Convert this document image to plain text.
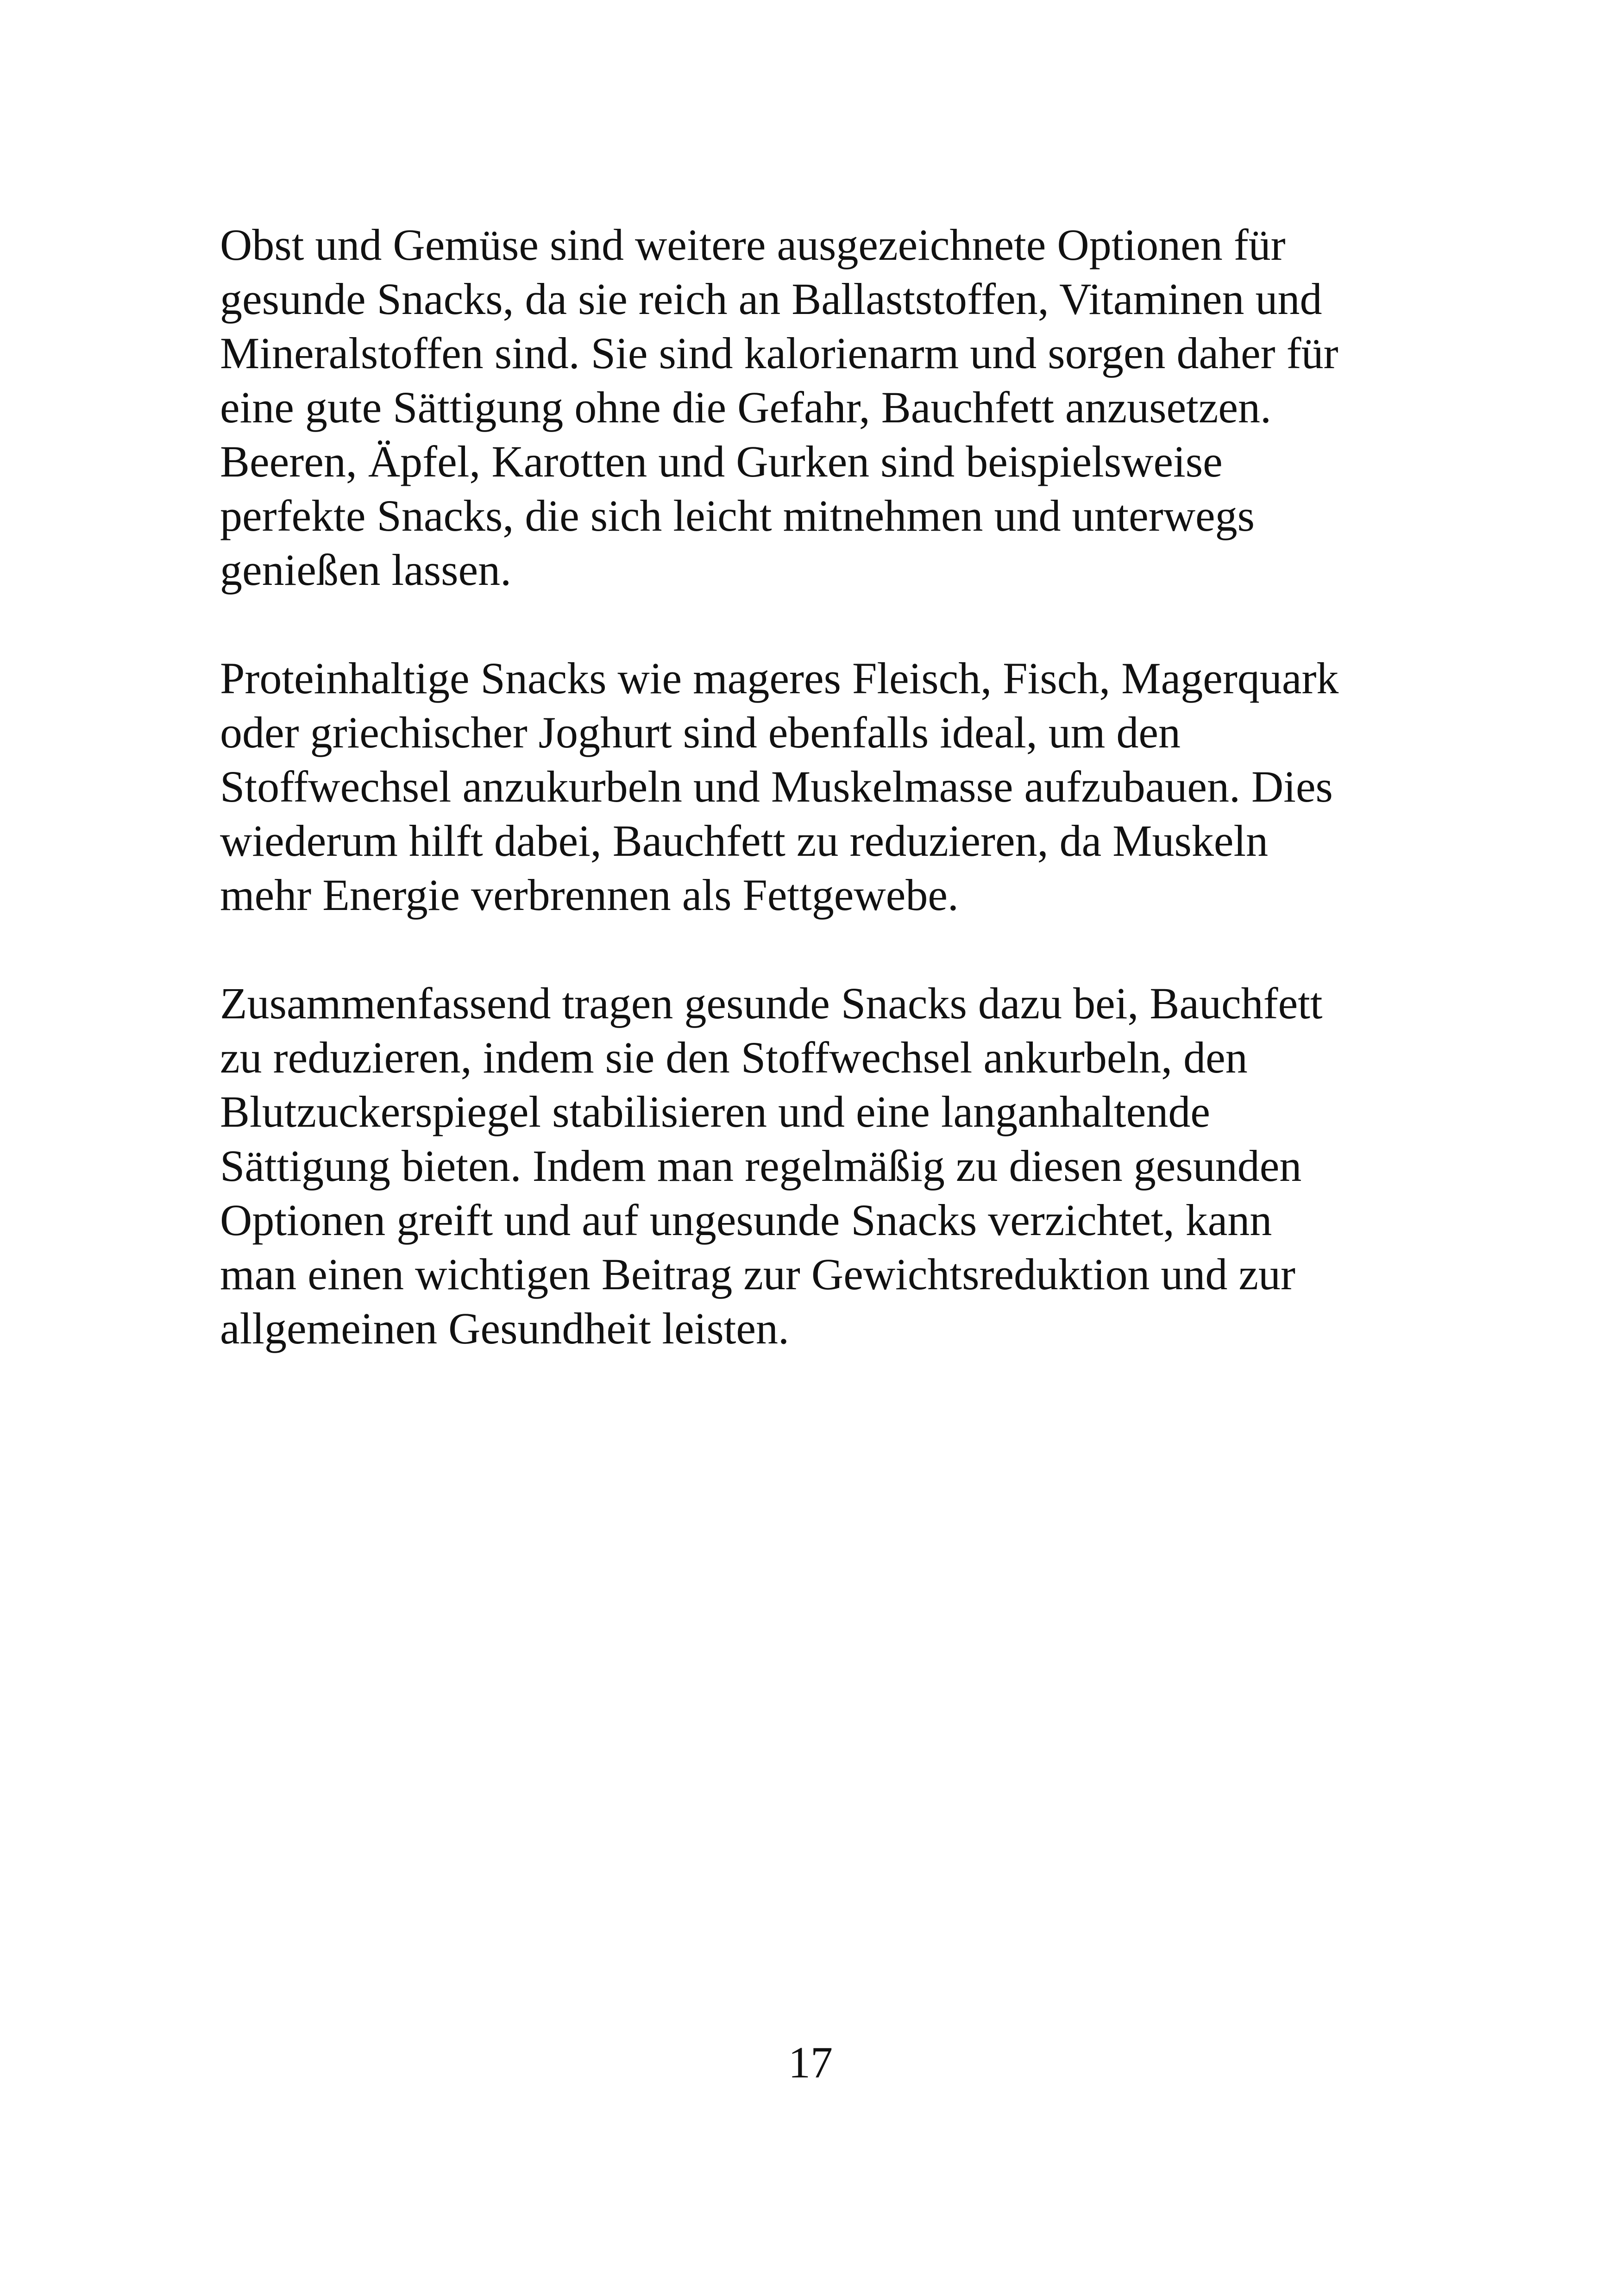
Obst und Gemüse sind weitere ausgezeichnete Optionen für
gesunde Snacks, da sie reich an Ballaststoffen, Vitaminen und
Mineralstoffen sind. Sie sind kalorienarm und sorgen daher für
eine gute Sättigung ohne die Gefahr, Bauchfett anzusetzen.
Beeren, Äpfel, Karotten und Gurken sind beispielsweise
perfekte Snacks, die sich leicht mitnehmen und unterwegs
genießen lassen.

Proteinhaltige Snacks wie mageres Fleisch, Fisch, Magerquark
oder griechischer Joghurt sind ebenfalls ideal, um den
Stoffwechsel anzukurbeln und Muskelmasse aufzubauen. Dies
wiederum hilft dabei, Bauchfett zu reduzieren, da Muskeln
mehr Energie verbrennen als Fettgewebe.

Zusammenfassend tragen gesunde Snacks dazu bei, Bauchfett
zu reduzieren, indem sie den Stoffwechsel ankurbeln, den
Blutzuckerspiegel stabilisieren und eine langanhaltende
Sättigung bieten. Indem man regelmäßig zu diesen gesunden
Optionen greift und auf ungesunde Snacks verzichtet, kann
man einen wichtigen Beitrag zur Gewichtsreduktion und zur
allgemeinen Gesundheit leisten.

17
